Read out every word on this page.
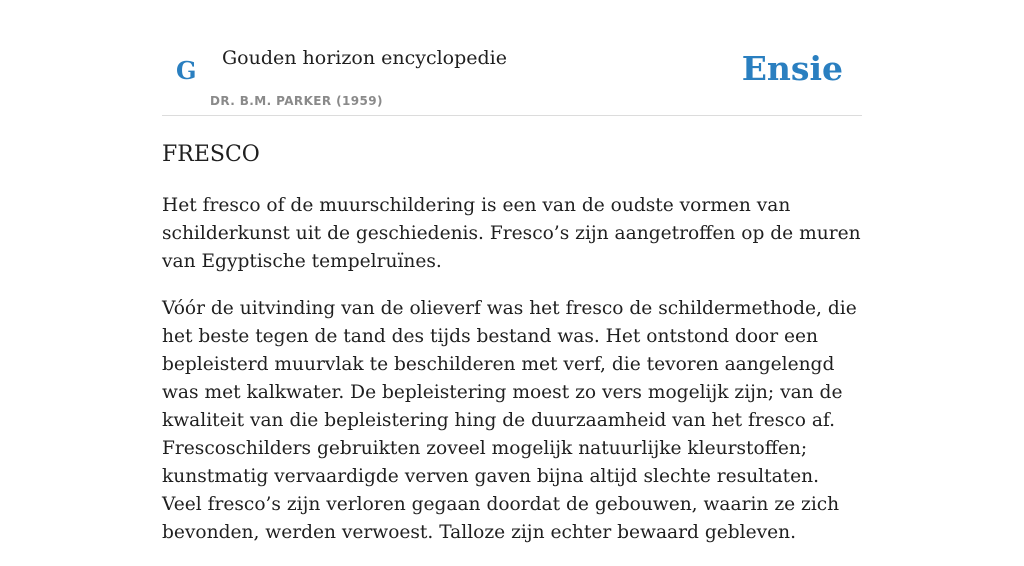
G Gouden horizon encyclopedie
DR. B.M. PARKER (1959)
Ensie
FRESCO

Het fresco of de muurschildering is een van de oudste vormen van schilderkunst uit de geschiedenis. Fresco’s zijn aangetroffen op de muren van Egyptische tempelruïnes.

Vóór de uitvinding van de olieverf was het fresco de schildermethode, die het beste tegen de tand des tijds bestand was. Het ontstond door een bepleisterd muurvlak te beschilderen met verf, die tevoren aangelengd was met kalkwater. De bepleistering moest zo vers mogelijk zijn; van de kwaliteit van die bepleistering hing de duurzaamheid van het fresco af. Frescoschilders gebruikten zoveel mogelijk natuurlijke kleurstoffen; kunstmatig vervaardigde verven gaven bijna altijd slechte resultaten. Veel fresco’s zijn verloren gegaan doordat de gebouwen, waarin ze zich bevonden, werden verwoest. Talloze zijn echter bewaard gebleven.
